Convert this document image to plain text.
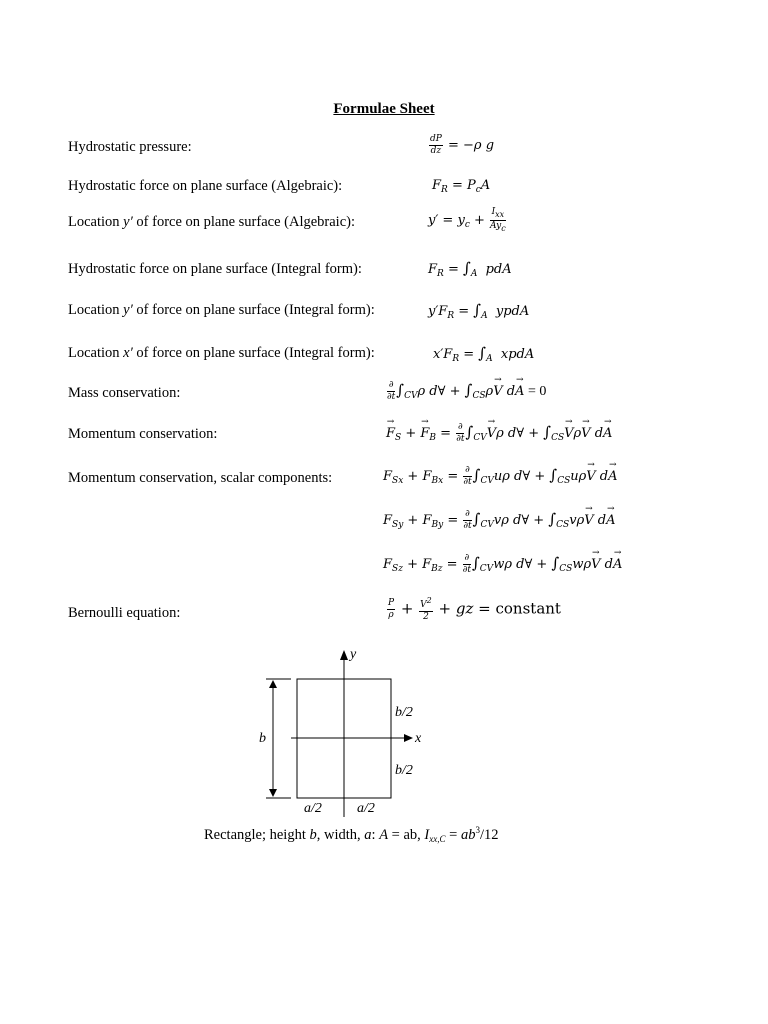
Formulae Sheet
Hydrostatic pressure:	$\frac{dP}{dz} = -\rho$ g
Hydrostatic force on plane surface (Algebraic):	$F_R = P_cA$
Location y′ of force on plane surface (Algebraic):	$y' = y_c + \frac{I_{xx}}{Ay_c}$
Hydrostatic force on plane surface (Integral form):	$F_R = \int_A$  pdA
Location y′ of force on plane surface (Integral form):	$y'F_R = \int_A$  ypdA
Location x′ of force on plane surface (Integral form):	$x'F_R = \int_A$  xpdA
Mass conservation:	$\frac{\partial}{\partial t} \int_{CV}\rho$ d∀ + $\int_{CS}\rho V$ → dA → = 0
Momentum conservation:	$F \to_S + F \to_B = \frac{\partial}{\partial t} \int_{CV}V \to\rho$ d∀ + $\int_{CS}V \to\rho V$ → dA →
Momentum conservation, scalar components:	$F_{Sx} + F_{Bx} = \frac{\partial}{\partial t} \int_{CV}u\rho$ d∀ + $\int_{CS}u\rho V$ → dA →
$F_{Sy} + F_{By} = \frac{\partial}{\partial t} \int_{CV}v\rho$ d∀ + $\int_{CS}v\rho V$ → dA →
$F_{Sz} + F_{Bz} = \frac{\partial}{\partial t} \int_{CV}w\rho$ d∀ + $\int_{CS}w\rho V$ → dA →
Bernoulli equation:	$\frac{P}{\rho} + \frac{V^2}{2}$ + gz = constant
y
x
b
b/2
b/2
a/2	a/2
Rectangle; height b, width, a: A = ab, $I_{xx,C} = ab^3/12$
